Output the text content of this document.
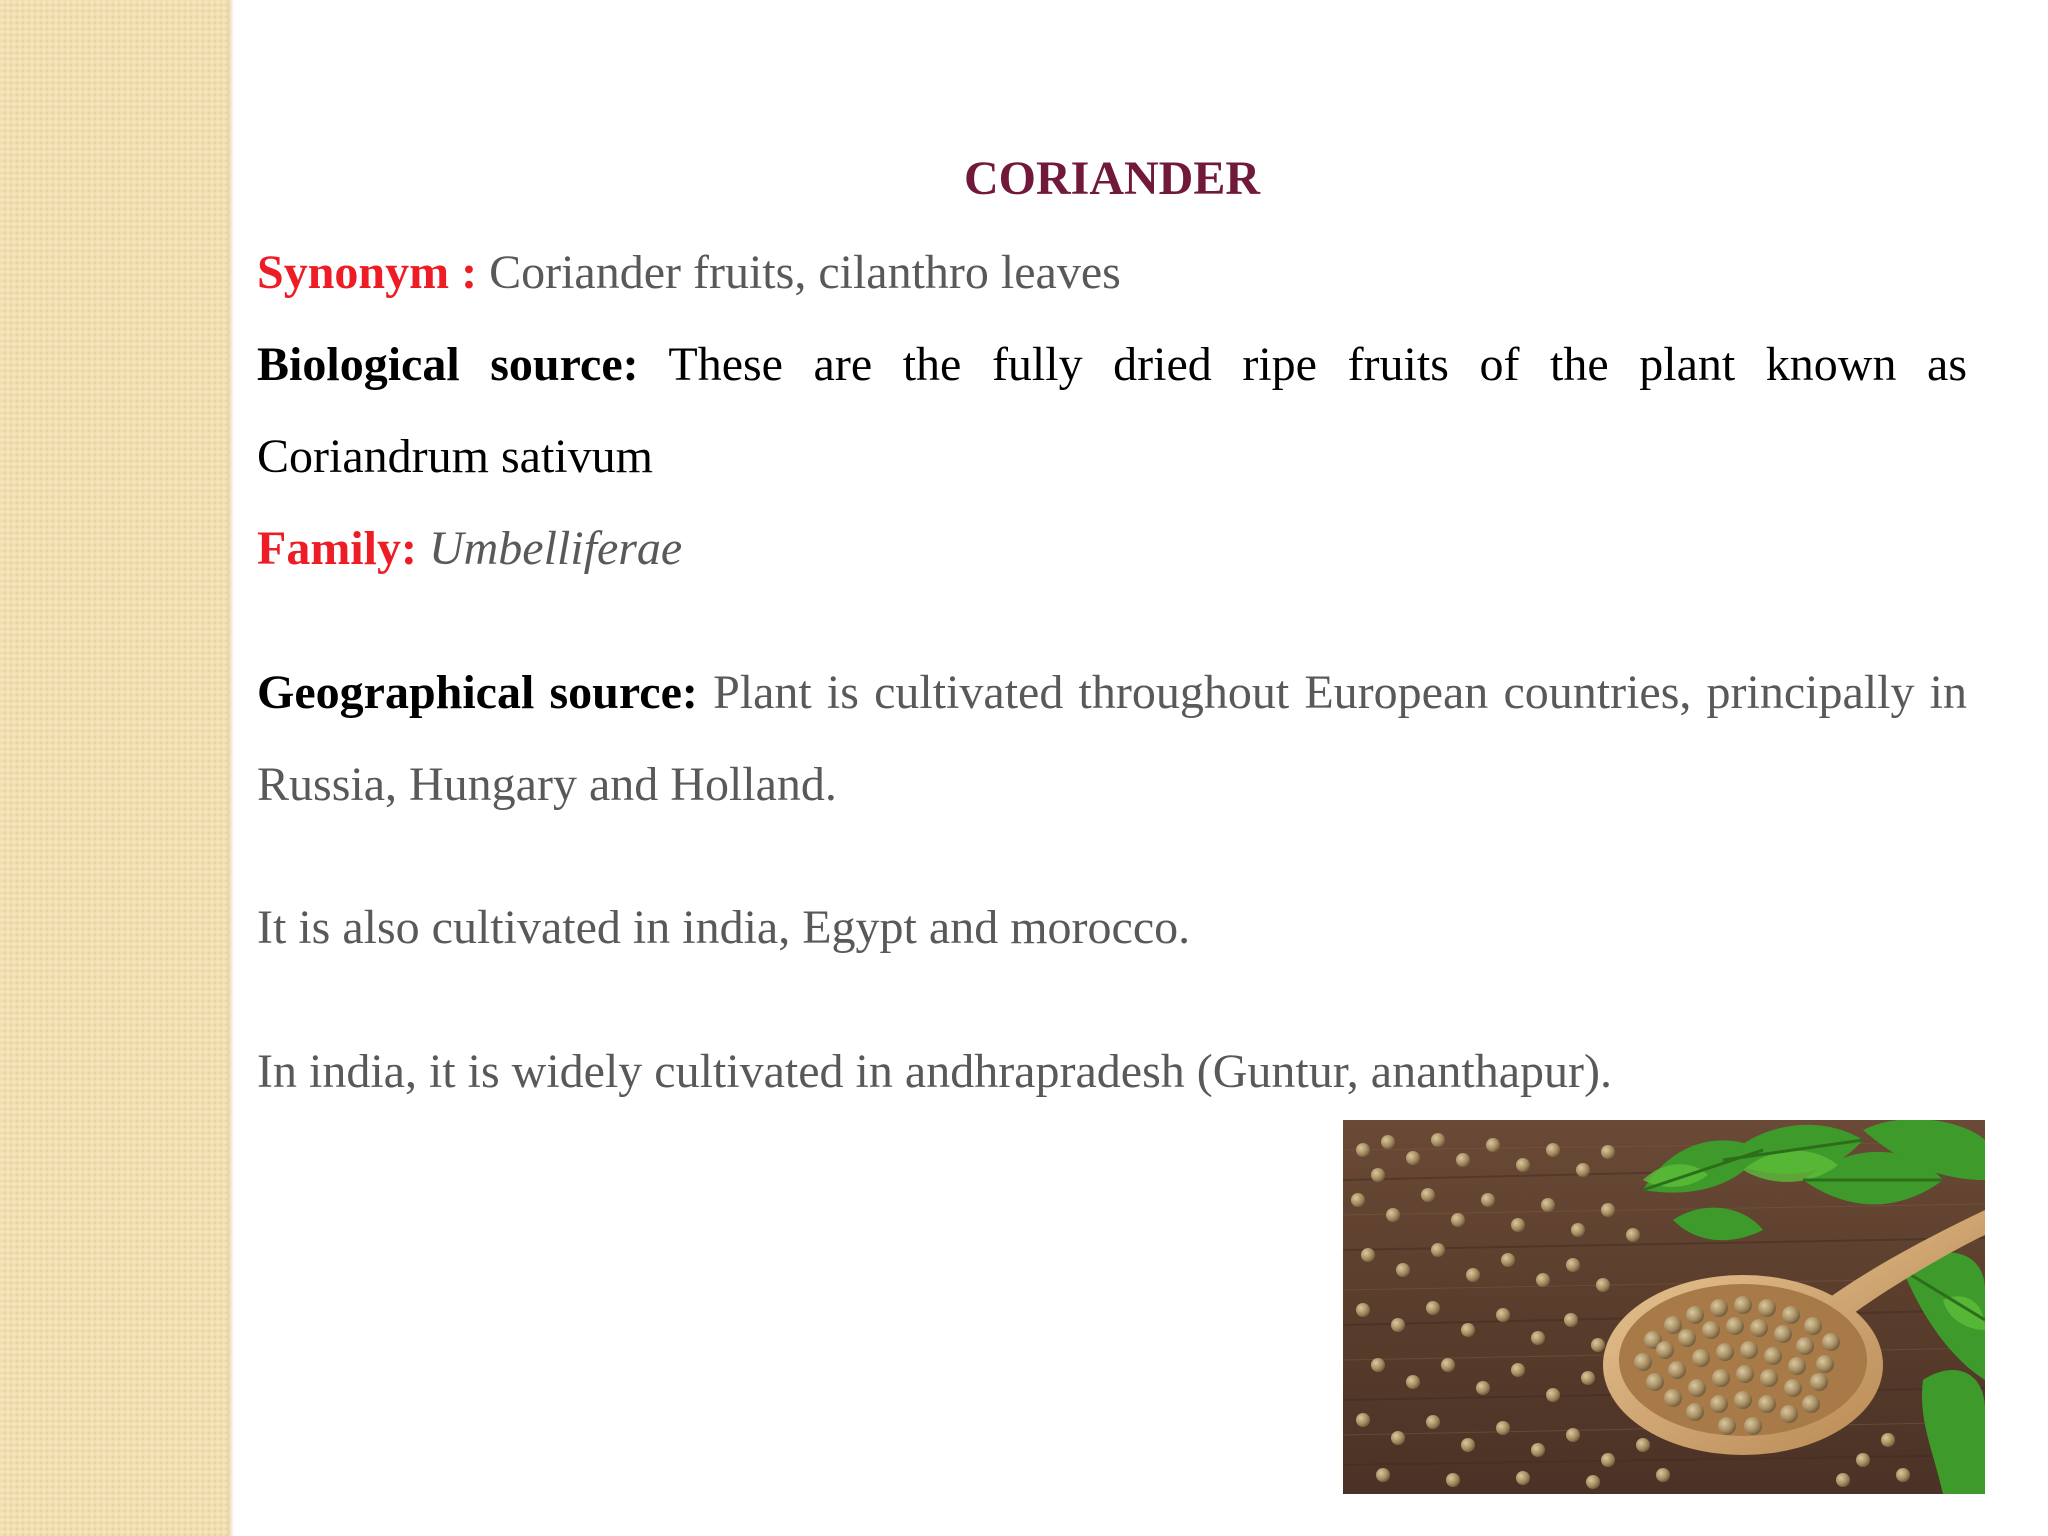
CORIANDER
Synonym : Coriander fruits, cilanthro leaves
Biological source: These are the fully dried ripe fruits of the plant known as Coriandrum sativum
Family: Umbelliferae
Geographical source: Plant is cultivated throughout European countries, principally in Russia, Hungary and Holland.
It is also cultivated in india, Egypt and morocco.
In india, it is widely cultivated in andhrapradesh (Guntur, ananthapur).
